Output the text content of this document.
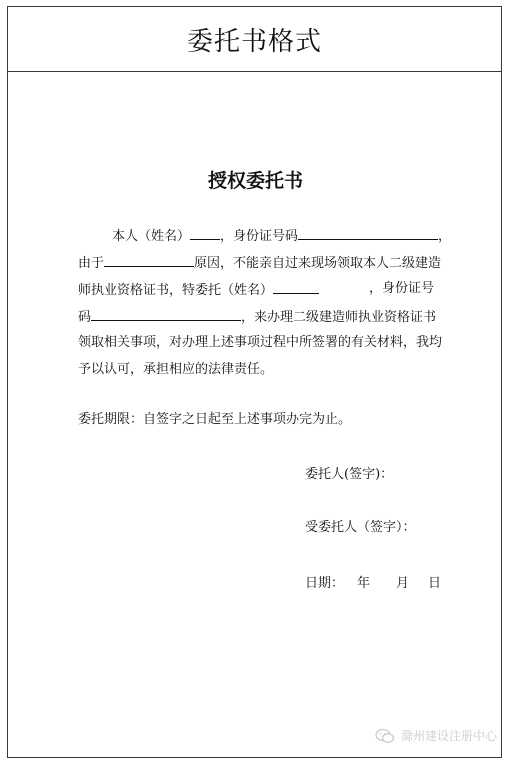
委托书格式
授权委托书
本人（姓名） ，身份证号码	，
由于	原因，不能亲自过来现场领取本人二级建造
师执业资格证书，特委托（姓名）	，身份证号
码	，来办理二级建造师执业资格证书
领取相关事项，对办理上述事项过程中所签署的有关材料，我均
予以认可，承担相应的法律责任。
委托期限：自签字之日起至上述事项办完为止。
委托人(签字)：
受委托人（签字）：
日期： 年 月 日
滁州建设注册中心
